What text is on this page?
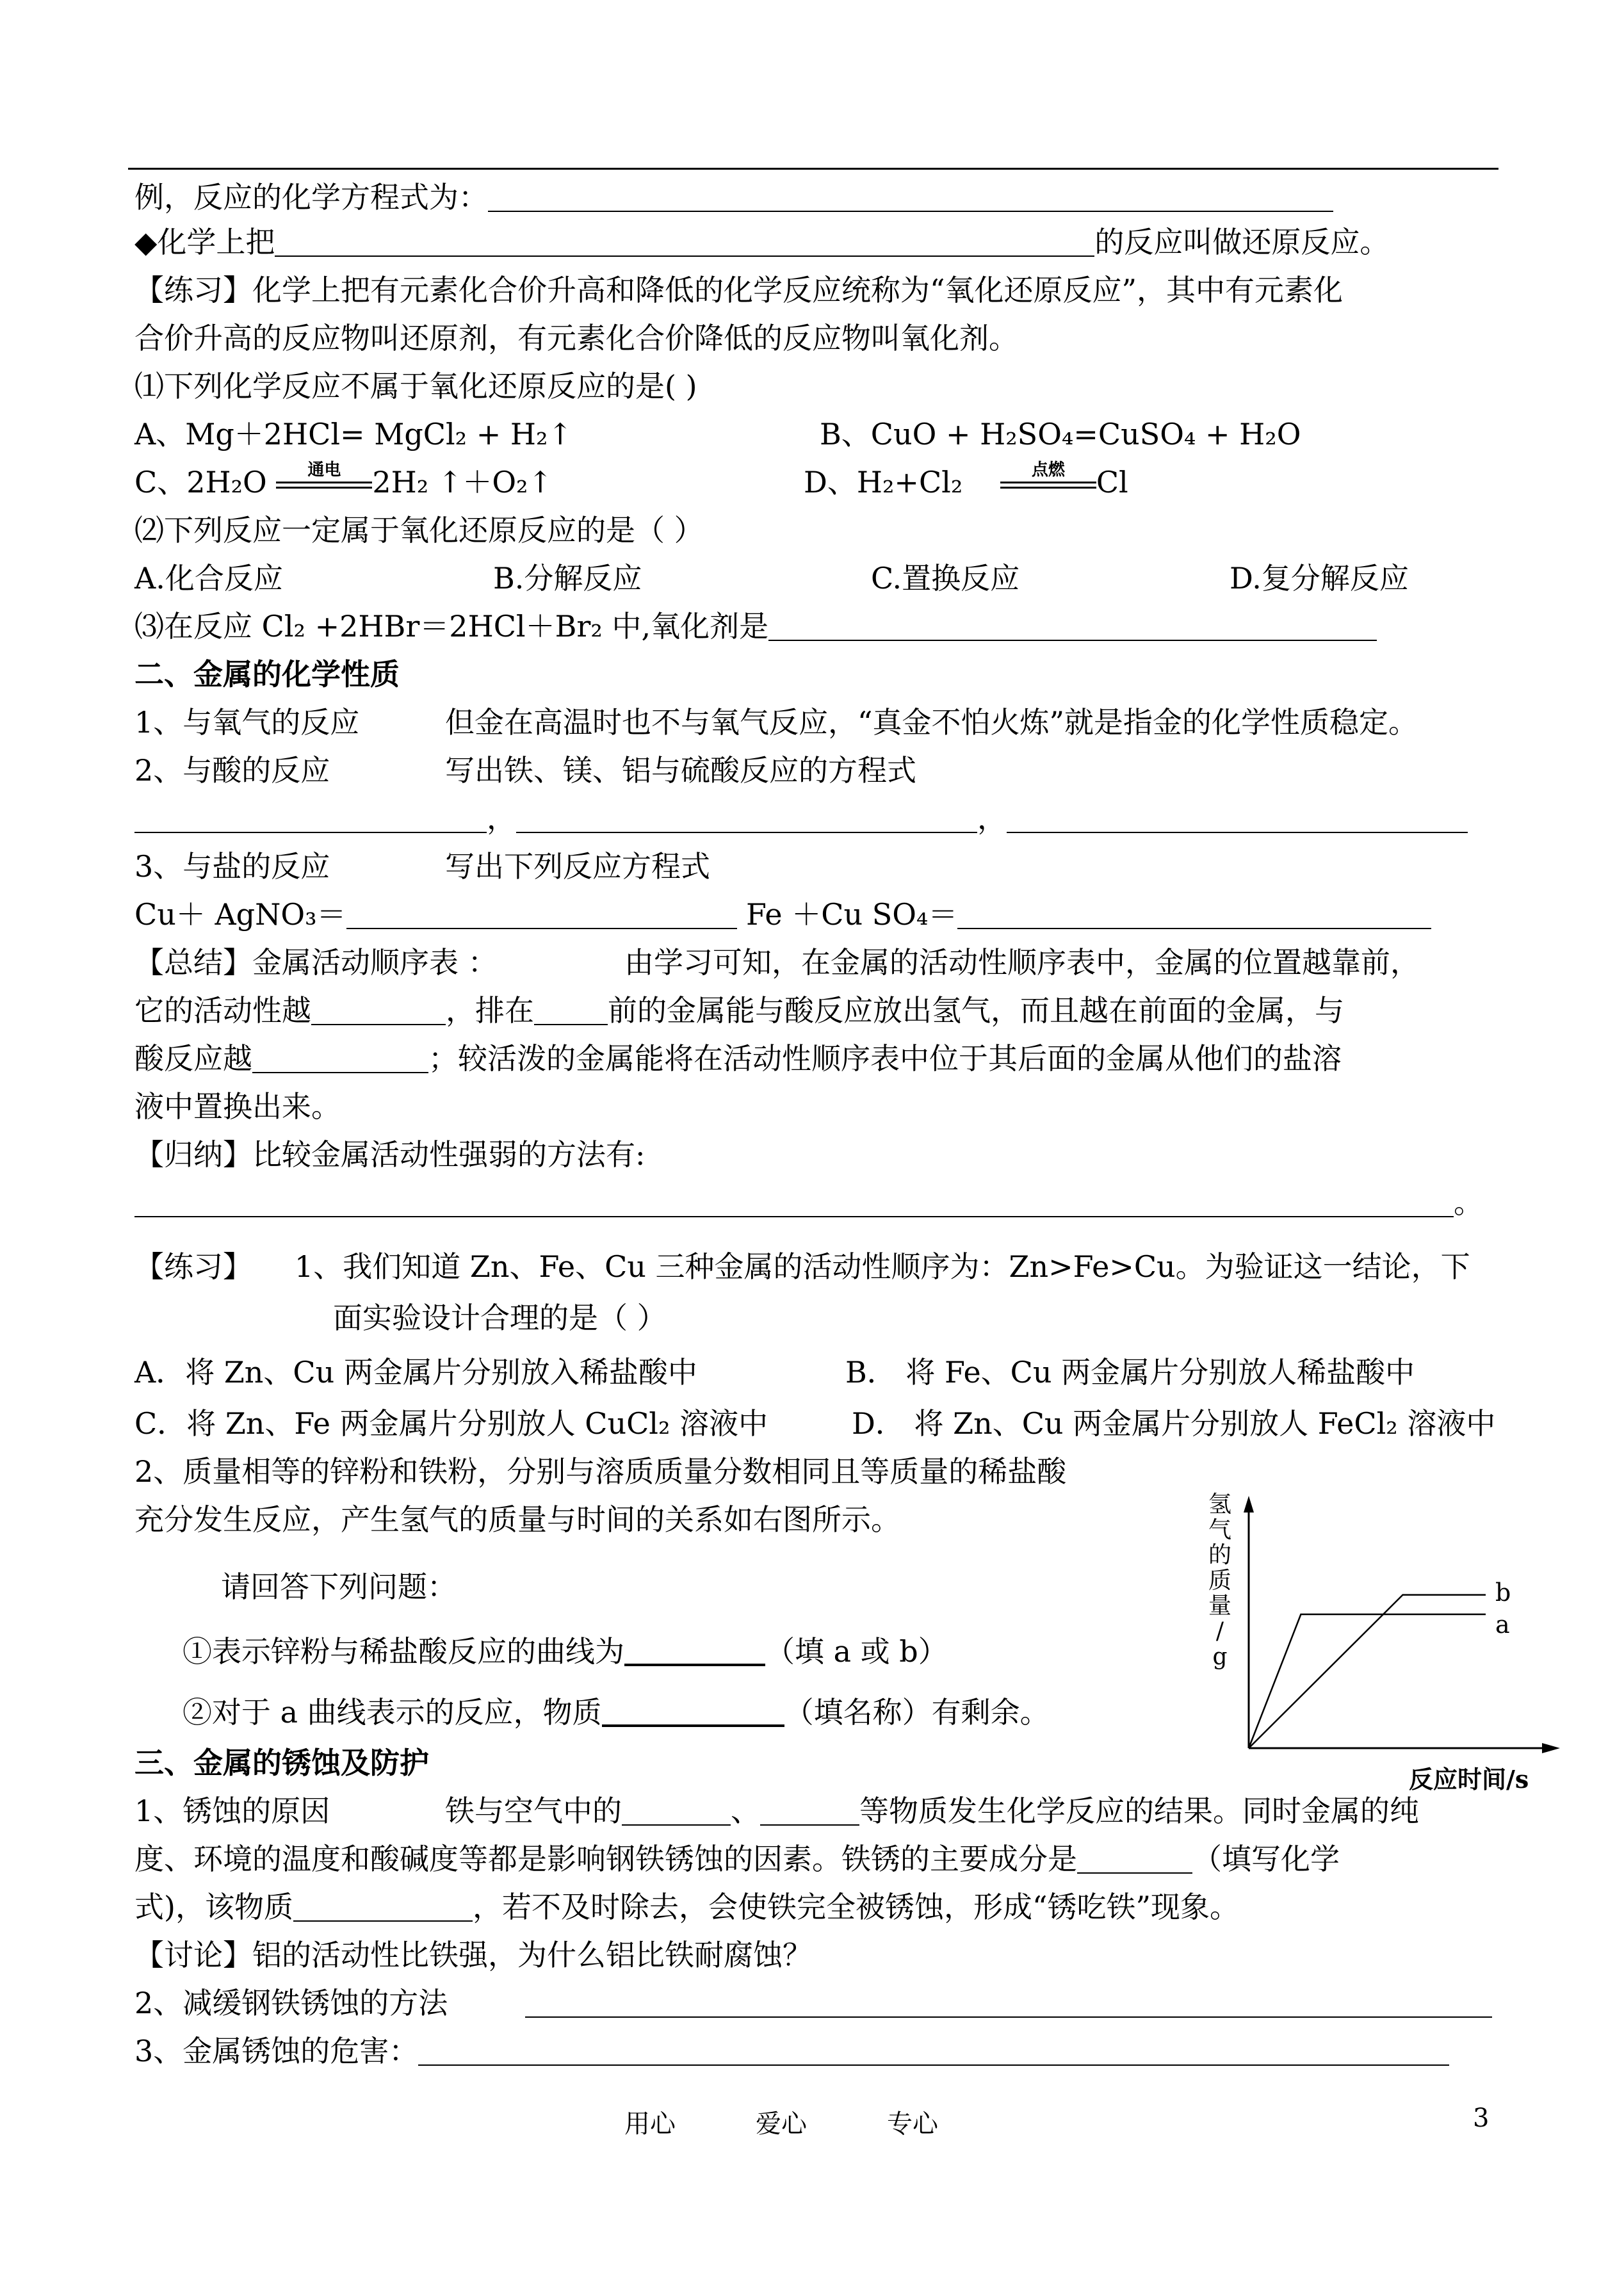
例，反应的化学方程式为：
◆化学上把	的反应叫做还原反应。
【练习】化学上把有元素化合价升高和降低的化学反应统称为“氧化还原反应”，其中有元素化
合价升高的反应物叫还原剂，有元素化合价降低的反应物叫氧化剂。
⑴下列化学反应不属于氧化还原反应的是( )
A、Mg＋2HCl= MgCl₂ + H₂↑	B、CuO + H₂SO₄=CuSO₄ + H₂O
C、2H₂O	通电	2H₂ ↑＋O₂↑	D、H₂+Cl₂	点燃	Cl
⑵下列反应一定属于氧化还原反应的是（ ）
A.化合反应	B.分解反应	C.置换反应	D.复分解反应
⑶在反应 Cl₂ +2HBr＝2HCl＋Br₂ 中,氧化剂是
二、金属的化学性质
1、与氧气的反应	但金在高温时也不与氧气反应，“真金不怕火炼”就是指金的化学性质稳定。
2、与酸的反应	写出铁、镁、铝与硫酸反应的方程式
，	，
3、与盐的反应	写出下列反应方程式
Cu＋ AgNO₃＝	Fe ＋Cu SO₄＝
【总结】金属活动顺序表 ：	由学习可知，在金属的活动性顺序表中，金属的位置越靠前，
它的活动性越	，排在	前的金属能与酸反应放出氢气，而且越在前面的金属，与
酸反应越	；较活泼的金属能将在活动性顺序表中位于其后面的金属从他们的盐溶
液中置换出来。
【归纳】比较金属活动性强弱的方法有:
。
【练习】 1、我们知道 Zn、Fe、Cu 三种金属的活动性顺序为：Zn>Fe>Cu。为验证这一结论，下
面实验设计合理的是（ ）
A．将 Zn、Cu 两金属片分别放入稀盐酸中	B． 将 Fe、Cu 两金属片分别放人稀盐酸中
C．将 Zn、Fe 两金属片分别放人 CuCl₂ 溶液中	D． 将 Zn、Cu 两金属片分别放人 FeCl₂ 溶液中
2、质量相等的锌粉和铁粉，分别与溶质质量分数相同且等质量的稀盐酸
充分发生反应，产生氢气的质量与时间的关系如右图所示。
请回答下列问题：
①表示锌粉与稀盐酸反应的曲线为	（填 a 或 b）
②对于 a 曲线表示的反应，物质	（填名称）有剩余。
三、金属的锈蚀及防护
1、锈蚀的原因	铁与空气中的	、	等物质发生化学反应的结果。同时金属的纯
度、环境的温度和酸碱度等都是影响钢铁锈蚀的因素。铁锈的主要成分是	（填写化学
式)，该物质	，若不及时除去，会使铁完全被锈蚀，形成“锈吃铁”现象。
【讨论】铝的活动性比铁强，为什么铝比铁耐腐蚀？
2、减缓钢铁锈蚀的方法
3、金属锈蚀的危害：
用心	爱心	专心	3
氢
气
的
质
量
/
g
b
a
反应时间/s
